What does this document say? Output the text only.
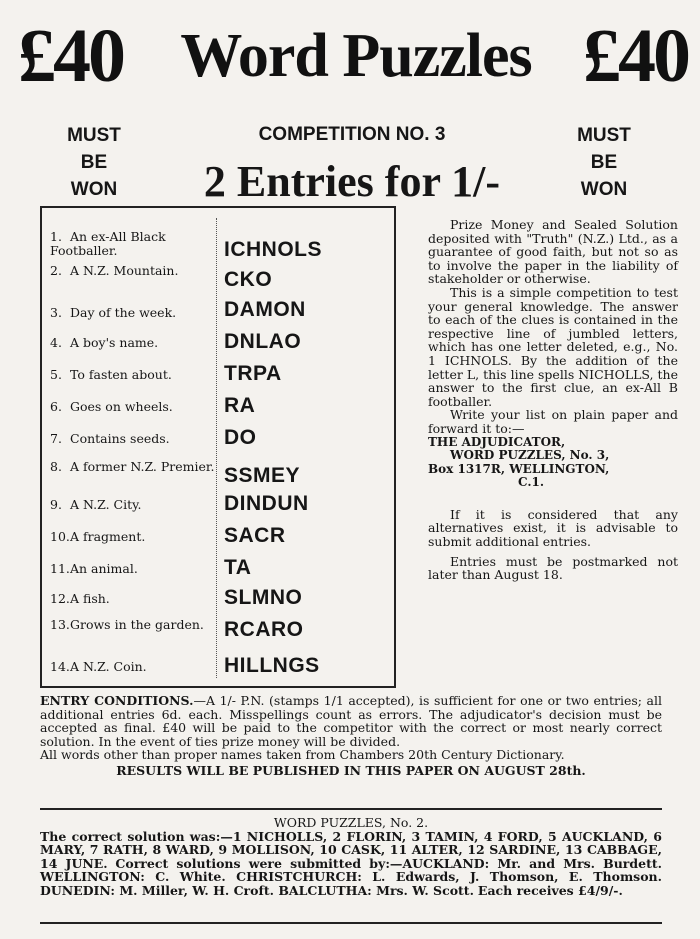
£40 Word Puzzles £40
MUST
BE
WON
COMPETITION NO. 3
2 Entries for 1/-
MUST
BE
WON
1. An ex-All Black Footballer.	ICHNOLS
2. A N.Z. Mountain.	CKO
3. Day of the week.	DAMON
4. A boy's name.	DNLAO
5. To fasten about.	TRPA
6. Goes on wheels.	RA
7. Contains seeds.	DO
8. A former N.Z. Premier. SSMEY
9. A N.Z. City.	DINDUN
10.A fragment.	SACR
11.An animal.	TA
12.A fish.	SLMNO
13.Grows in the garden. RCARO
14.A N.Z. Coin.	HILLNGS

Prize Money and Sealed Solution deposited with "Truth" (N.Z.) Ltd., as a guarantee of good faith, but not so as to involve the paper in the liability of stakeholder or otherwise.

This is a simple competition to test your general knowledge. The answer to each of the clues is contained in the respective line of jumbled letters, which has one letter deleted, e.g., No. 1 ICHNOLS. By the addition of the letter L, this line spells NICHOLLS, the answer to the first clue, an ex-All B footballer.

Write your list on plain paper and forward it to:—

THE ADJUDICATOR,
WORD PUZZLES, No. 3,
Box 1317R, WELLINGTON,
C.1.

If it is considered that any alternatives exist, it is advisable to submit additional entries.

Entries must be postmarked not later than August 18.

ENTRY CONDITIONS.—A 1/- P.N. (stamps 1/1 accepted), is sufficient for one or two entries; all additional entries 6d. each. Misspellings count as errors. The adjudicator's decision must be accepted as final. £40 will be paid to the competitor with the correct or most nearly correct solution. In the event of ties prize money will be divided.
All words other than proper names taken from Chambers 20th Century Dictionary.
RESULTS WILL BE PUBLISHED IN THIS PAPER ON AUGUST 28th.
WORD PUZZLES, No. 2.
The correct solution was:—1 NICHOLLS, 2 FLORIN, 3 TAMIN, 4 FORD, 5 AUCKLAND, 6 MARY, 7 RATH, 8 WARD, 9 MOLLISON, 10 CASK, 11 ALTER, 12 SARDINE, 13 CABBAGE, 14 JUNE. Correct solutions were submitted by:—AUCKLAND: Mr. and Mrs. Burdett. WELLINGTON: C. White. CHRISTCHURCH: L. Edwards, J. Thomson, E. Thomson. DUNEDIN: M. Miller, W. H. Croft. BALCLUTHA: Mrs. W. Scott. Each receives £4/9/-.
